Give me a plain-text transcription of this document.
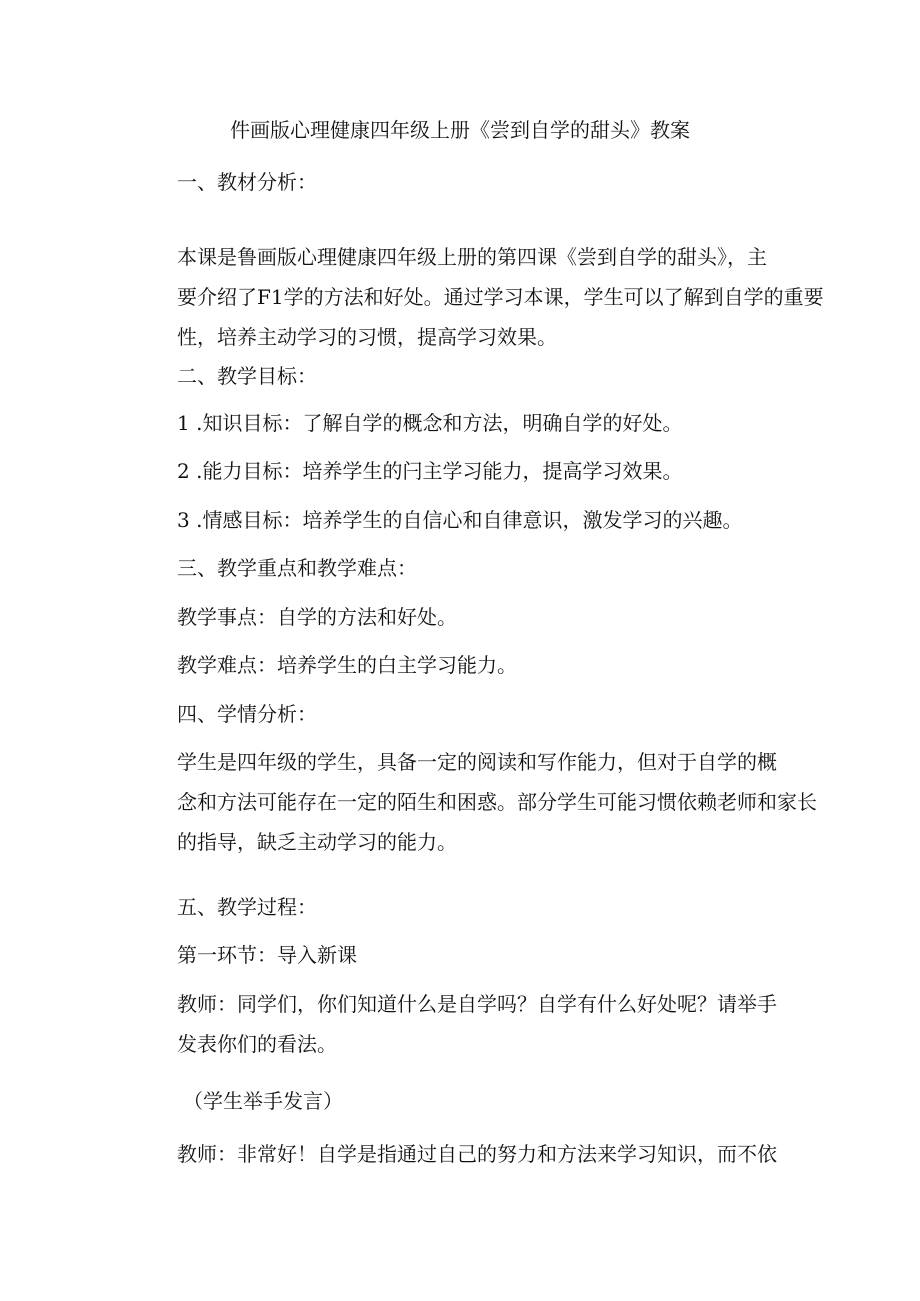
件画版心理健康四年级上册《尝到自学的甜头》教案

一、教材分析：

本课是鲁画版心理健康四年级上册的第四课《尝到自学的甜头》，主
要介绍了F1学的方法和好处。通过学习本课，学生可以了解到自学的重要
性，培养主动学习的习惯，提高学习效果。

二、教学目标：

1 .知识目标：了解自学的概念和方法，明确自学的好处。

2 .能力目标：培养学生的闩主学习能力，提高学习效果。

3 .情感目标：培养学生的自信心和自律意识，激发学习的兴趣。

三、教学重点和教学难点：

教学事点：自学的方法和好处。

教学难点：培养学生的白主学习能力。

四、学情分析：

学生是四年级的学生，具备一定的阅读和写作能力，但对于自学的概
念和方法可能存在一定的陌生和困惑。部分学生可能习惯依赖老师和家长
的指导，缺乏主动学习的能力。

五、教学过程：

第一环节：导入新课

教师：同学们，你们知道什么是自学吗？自学有什么好处呢？请举手
发表你们的看法。

（学生举手发言）

教师：非常好！自学是指通过自己的努力和方法来学习知识，而不依
